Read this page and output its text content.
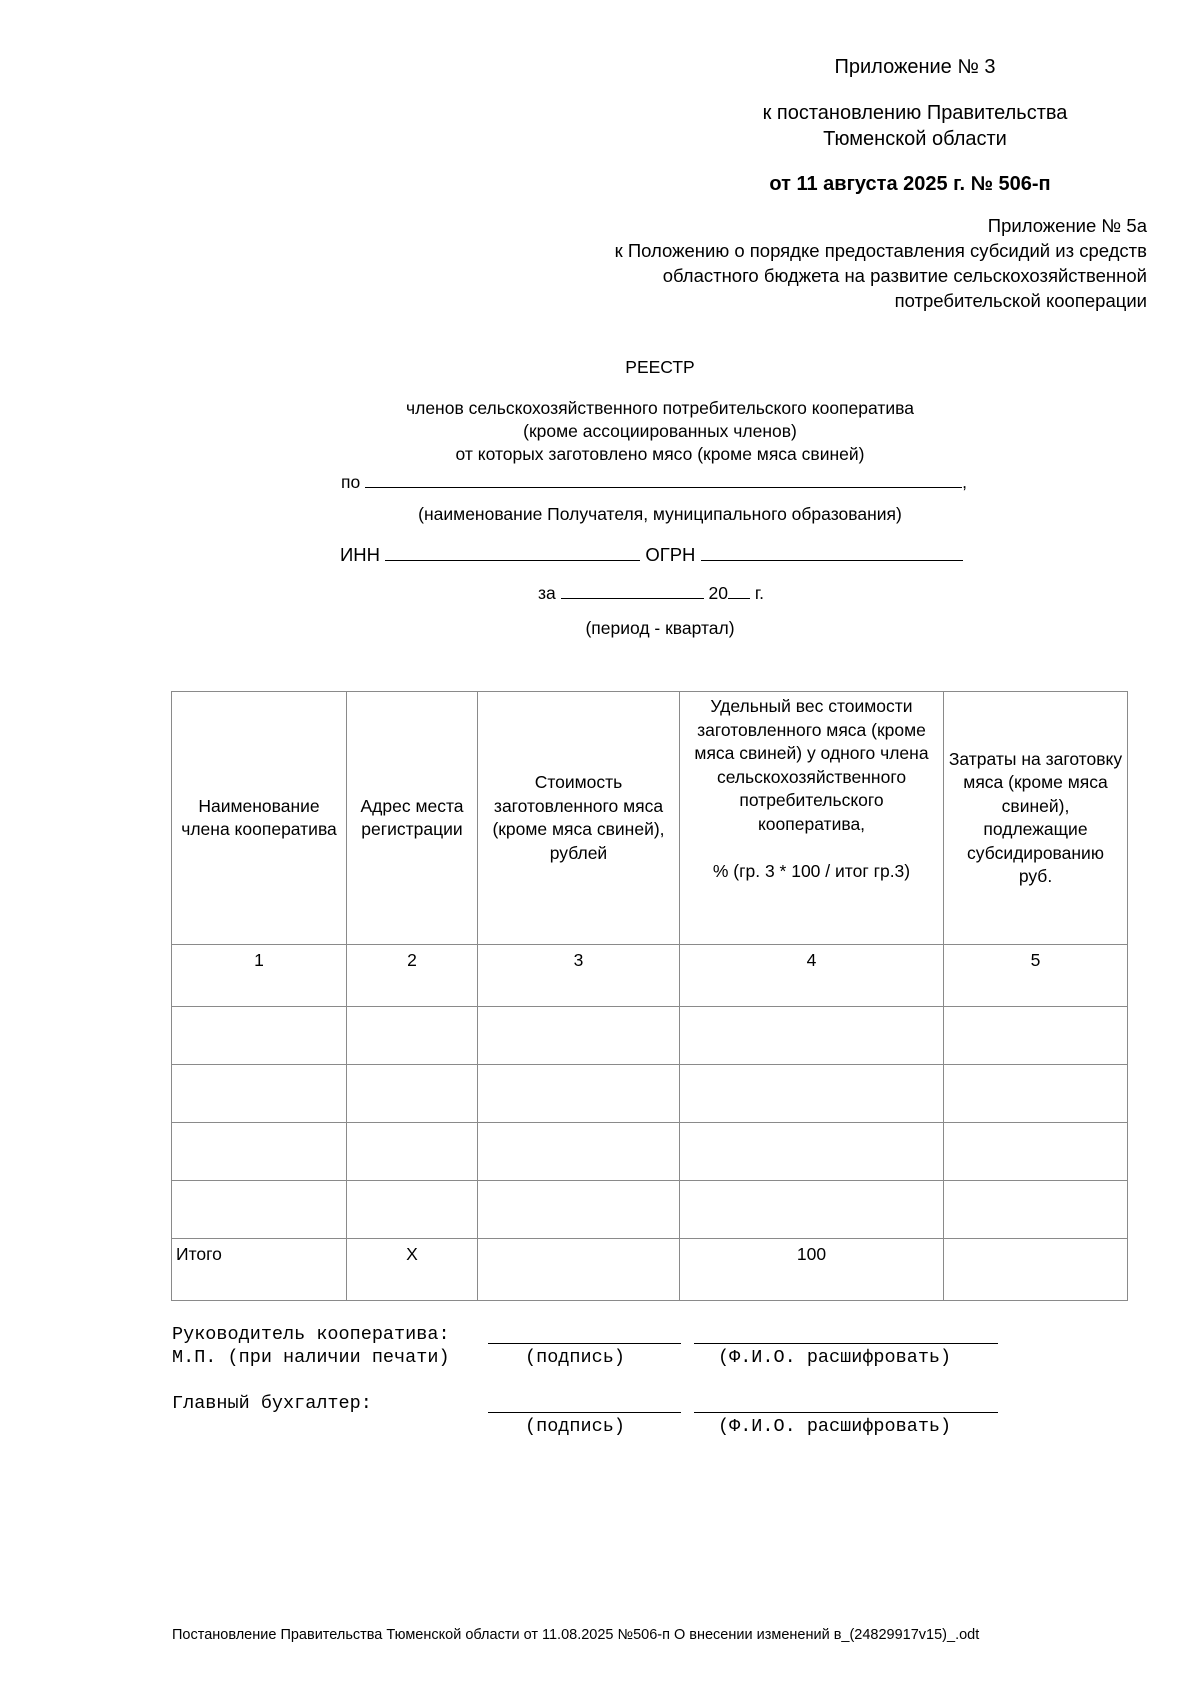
Приложение № 3
к постановлению Правительства
Тюменской области
от 11 августа 2025 г. № 506-п
Приложение № 5а
к Положению о порядке предоставления субсидий из средств
областного бюджета на развитие сельскохозяйственной
потребительской кооперации
РЕЕСТР
членов сельскохозяйственного потребительского кооператива
(кроме ассоциированных членов)
от которых заготовлено мясо (кроме мяса свиней)
по	,
(наименование Получателя, муниципального образования)
ИНН	ОГРН
за	20 г.
(период - квартал)
Наименование члена кооператива	Адрес места регистрации	Стоимость заготовленного мяса (кроме мяса свиней), рублей	Удельный вес стоимости заготовленного мяса (кроме мяса свиней) у одного члена сельскохозяйственного потребительского кооператива,
% (гр. 3 * 100 / итог гр.3)	Затраты на заготовку мяса (кроме мяса свиней), подлежащие субсидированию руб.
1	2	3	4	5

Итого	Х		100	
Руководитель кооператива:
М.П. (при наличии печати)	(подпись)	(Ф.И.О. расшифровать)
Главный бухгалтер:
(подпись)	(Ф.И.О. расшифровать)
Постановление Правительства Тюменской области от 11.08.2025 №506-п О внесении изменений в_(24829917v15)_.odt
